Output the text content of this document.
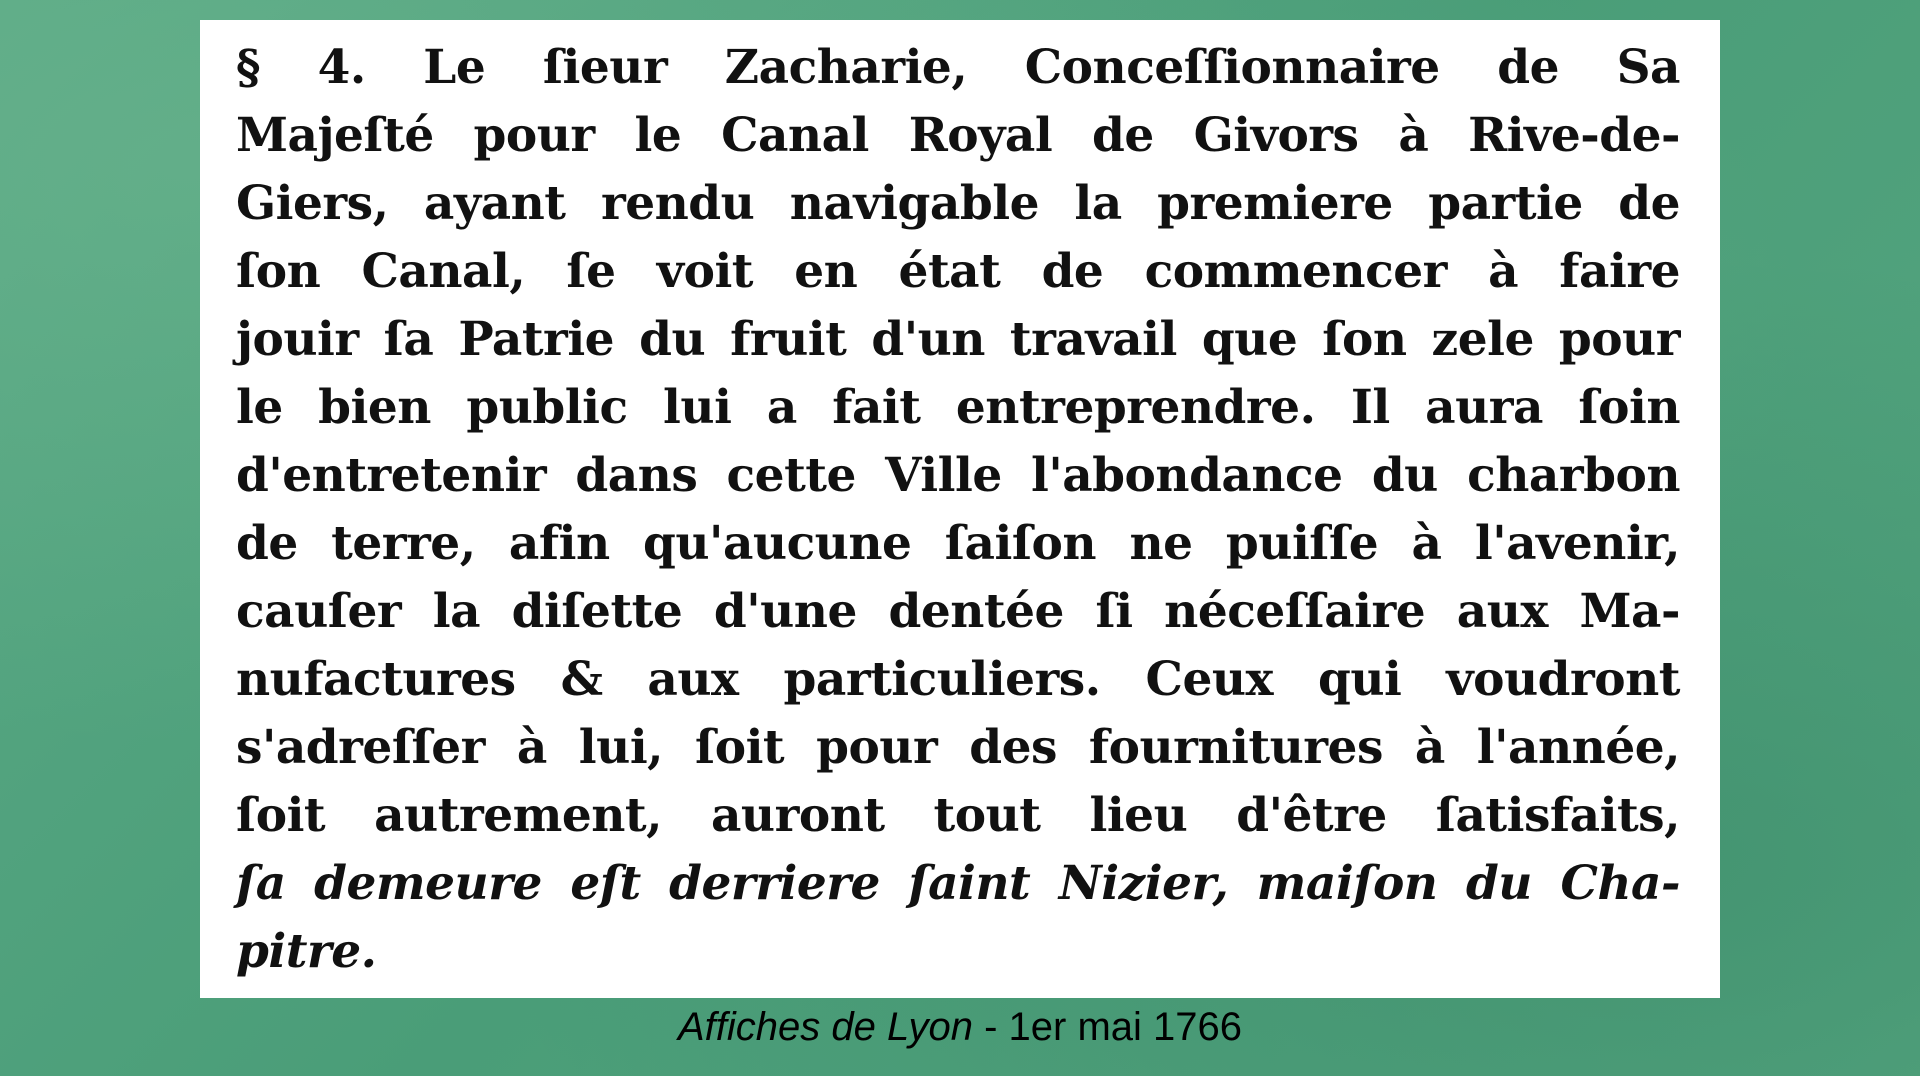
§ 4. Le ſieur Zacharie, Conceſſionnaire de Sa
Majeſté pour le Canal Royal de Givors à Rive-de-
Giers, ayant rendu navigable la premiere partie de
ſon Canal, ſe voit en état de commencer à faire
jouir ſa Patrie du fruit d'un travail que ſon zele pour
le bien public lui a fait entreprendre. Il aura ſoin
d'entretenir dans cette Ville l'abondance du charbon
de terre, afin qu'aucune ſaiſon ne puiſſe à l'avenir,
cauſer la diſette d'une dentée ſi néceſſaire aux Ma-
nufactures & aux particuliers. Ceux qui voudront
s'adreſſer à lui, ſoit pour des fournitures à l'année,
ſoit autrement, auront tout lieu d'être ſatisfaits,
ſa demeure eſt derriere ſaint Nizier, maiſon du Cha-
pitre.
Affiches de Lyon - 1er mai 1766
